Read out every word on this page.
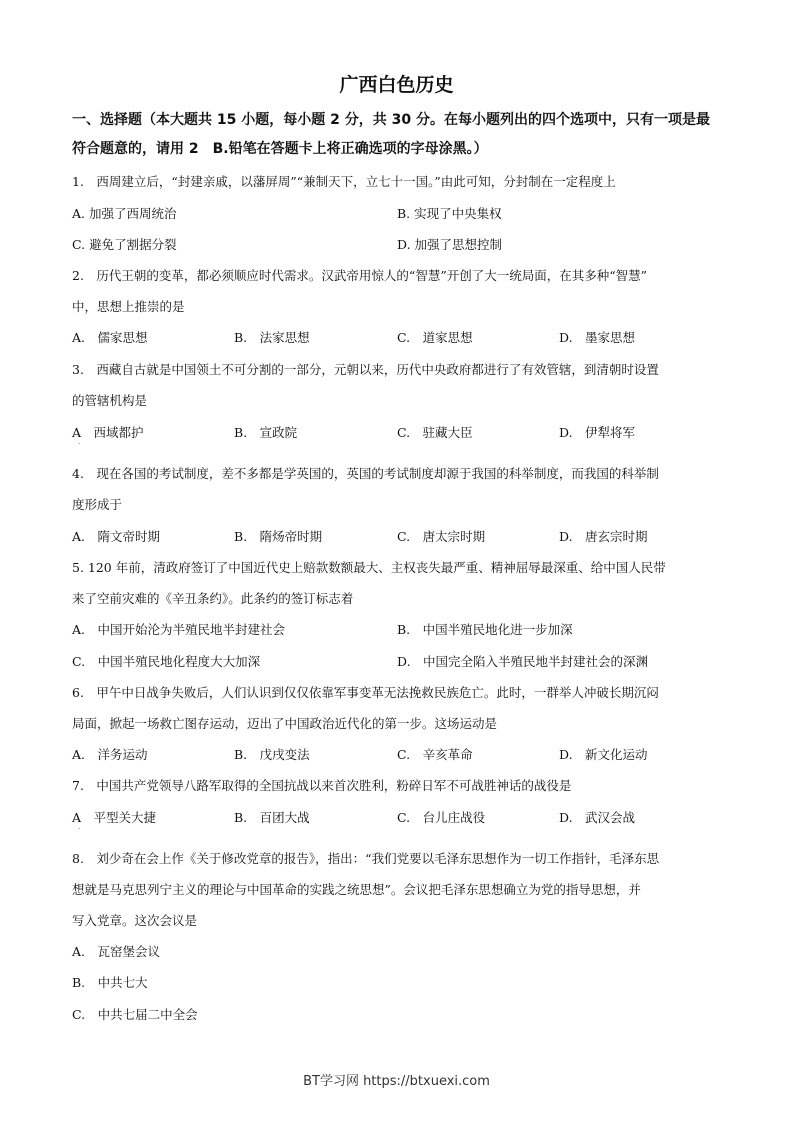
广西白色历史

一、选择题（本大题共 15 小题，每小题 2 分，共 30 分。在每小题列出的四个选项中，只有一项是最符合题意的，请用 2　B.铅笔在答题卡上将正确选项的字母涂黑。）

1.　西周建立后，“封建亲戚，以藩屏周”“兼制天下，立七十一国。”由此可知，分封制在一定程度上
A. 加强了西周统治	B. 实现了中央集权
C. 避免了割据分裂	D. 加强了思想控制
2.　历代王朝的变革，都必须顺应时代需求。汉武帝用惊人的“智慧”开创了大一统局面，在其多种“智慧”
中，思想上推崇的是
A.　儒家思想	B.　法家思想	C.　道家思想	D.　墨家思想
3.　西藏自古就是中国领土不可分割的一部分，元朝以来，历代中央政府都进行了有效管辖，到清朝时设置
的管辖机构是
A　西域都护	B.　宣政院	C.　驻藏大臣	D.　伊犁将军
·
4.　现在各国的考试制度，差不多都是学英国的，英国的考试制度却源于我国的科举制度，而我国的科举制
度形成于
A.　隋文帝时期	B.　隋炀帝时期	C.　唐太宗时期	D.　唐玄宗时期
5. 120 年前，清政府签订了中国近代史上赔款数额最大、主权丧失最严重、精神屈辱最深重、给中国人民带
来了空前灾难的《辛丑条约》。此条约的签订标志着
A.　中国开始沦为半殖民地半封建社会	B.　中国半殖民地化进一步加深
C.　中国半殖民地化程度大大加深	D.　中国完全陷入半殖民地半封建社会的深渊
6.　甲午中日战争失败后，人们认识到仅仅依靠军事变革无法挽救民族危亡。此时，一群举人冲破长期沉闷
局面，掀起一场救亡图存运动，迈出了中国政治近代化的第一步。这场运动是
A.　洋务运动	B.　戊戌变法	C.　辛亥革命	D.　新文化运动
7.　中国共产党领导八路军取得的全国抗战以来首次胜利，粉碎日军不可战胜神话的战役是
A　平型关大捷	B.　百团大战	C.　台儿庄战役	D.　武汉会战
·
8.　刘少奇在会上作《关于修改党章的报告》，指出：“我们党要以毛泽东思想作为一切工作指针，毛泽东思
想就是马克思列宁主义的理论与中国革命的实践之统思想”。会议把毛泽东思想确立为党的指导思想，并
写入党章。这次会议是
A.　瓦窑堡会议
B.　中共七大
C.　中共七届二中全会
BT学习网 https://btxuexi.com
